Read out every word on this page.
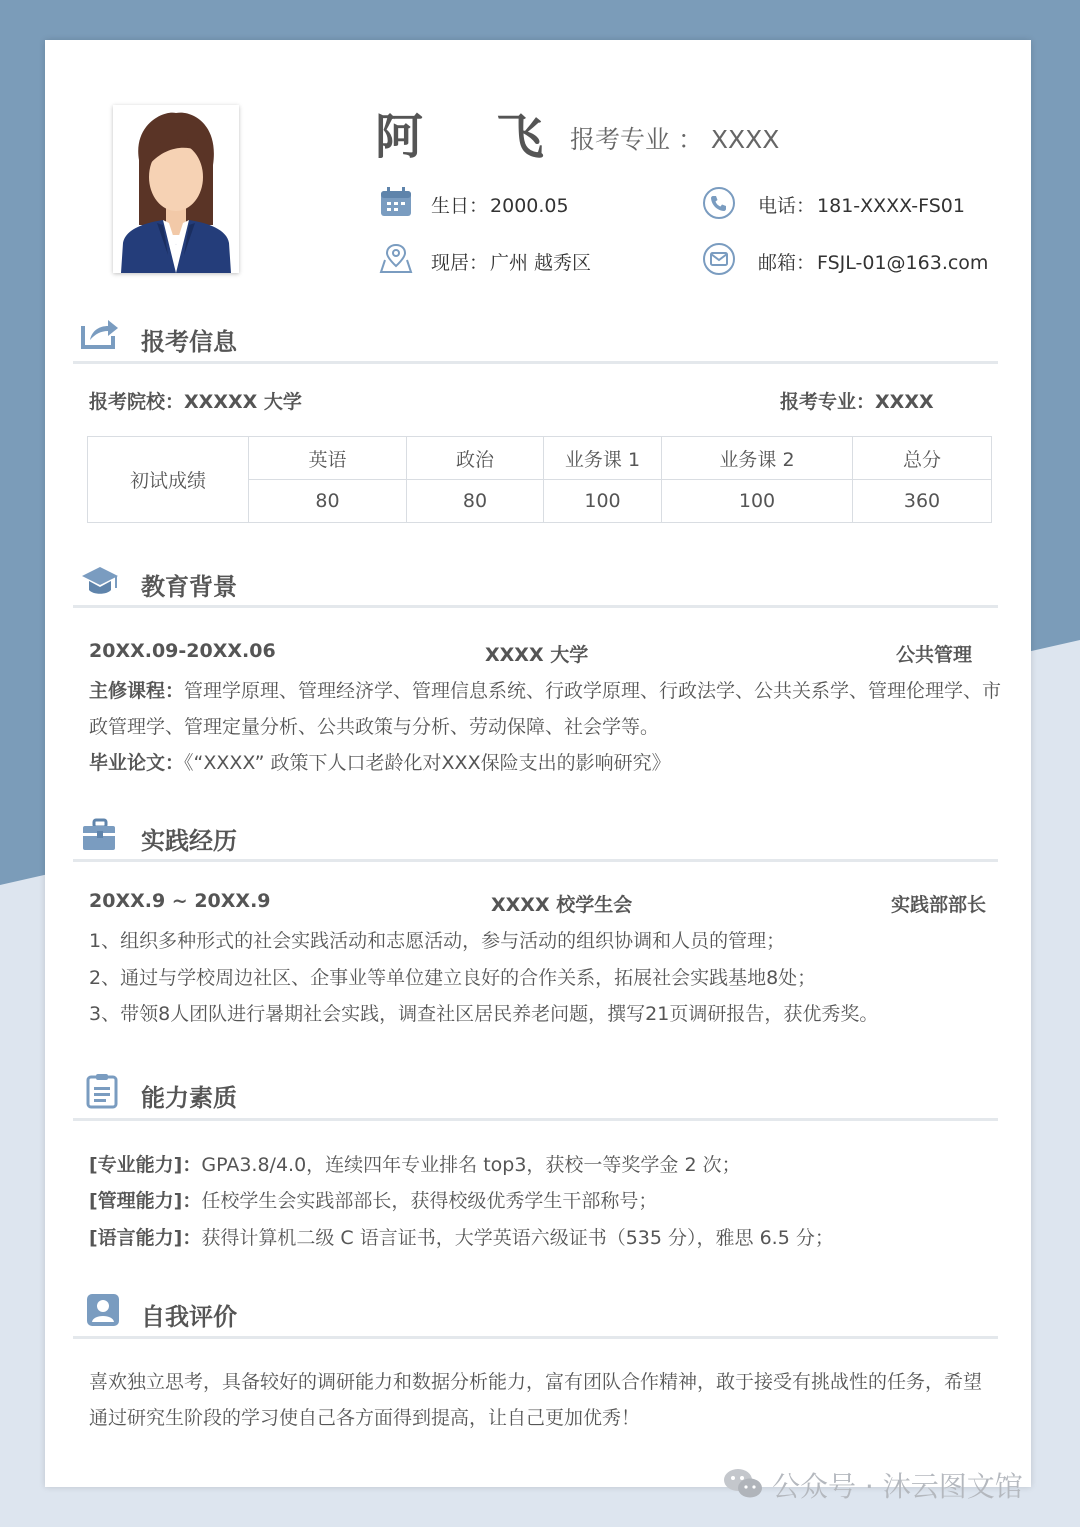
阿 飞
报考专业 ： XXXX
生日： 2000.05	电话： 181-XXXX-FS01
现居： 广州 越秀区	邮箱： FSJL-01@163.com
报考信息
报考院校：XXXXX 大学	报考专业：XXXX
初试成绩	英语	政治	业务课 1	业务课 2	总分
	80	80	100	100	360
教育背景
20XX.09-20XX.06	XXXX 大学	公共管理
主修课程：管理学原理、管理经济学、管理信息系统、行政学原理、行政法学、公共关系学、管理伦理学、市
政管理学、管理定量分析、公共政策与分析、劳动保障、社会学等。
毕业论文：《“XXXX” 政策下人口老龄化对XXX保险支出的影响研究》
实践经历
20XX.9 ~ 20XX.9	XXXX 校学生会	实践部部长
1、组织多种形式的社会实践活动和志愿活动，参与活动的组织协调和人员的管理；
2、通过与学校周边社区、企事业等单位建立良好的合作关系，拓展社会实践基地8处；
3、带领8人团队进行暑期社会实践，调查社区居民养老问题，撰写21页调研报告，获优秀奖。
能力素质
[专业能力]：GPA3.8/4.0，连续四年专业排名 top3，获校一等奖学金 2 次；
[管理能力]：任校学生会实践部部长，获得校级优秀学生干部称号；
[语言能力]：获得计算机二级 C 语言证书，大学英语六级证书（535 分），雅思 6.5 分；
自我评价
喜欢独立思考，具备较好的调研能力和数据分析能力，富有团队合作精神，敢于接受有挑战性的任务，希望
通过研究生阶段的学习使自己各方面得到提高，让自己更加优秀！
公众号 · 沐云图文馆
